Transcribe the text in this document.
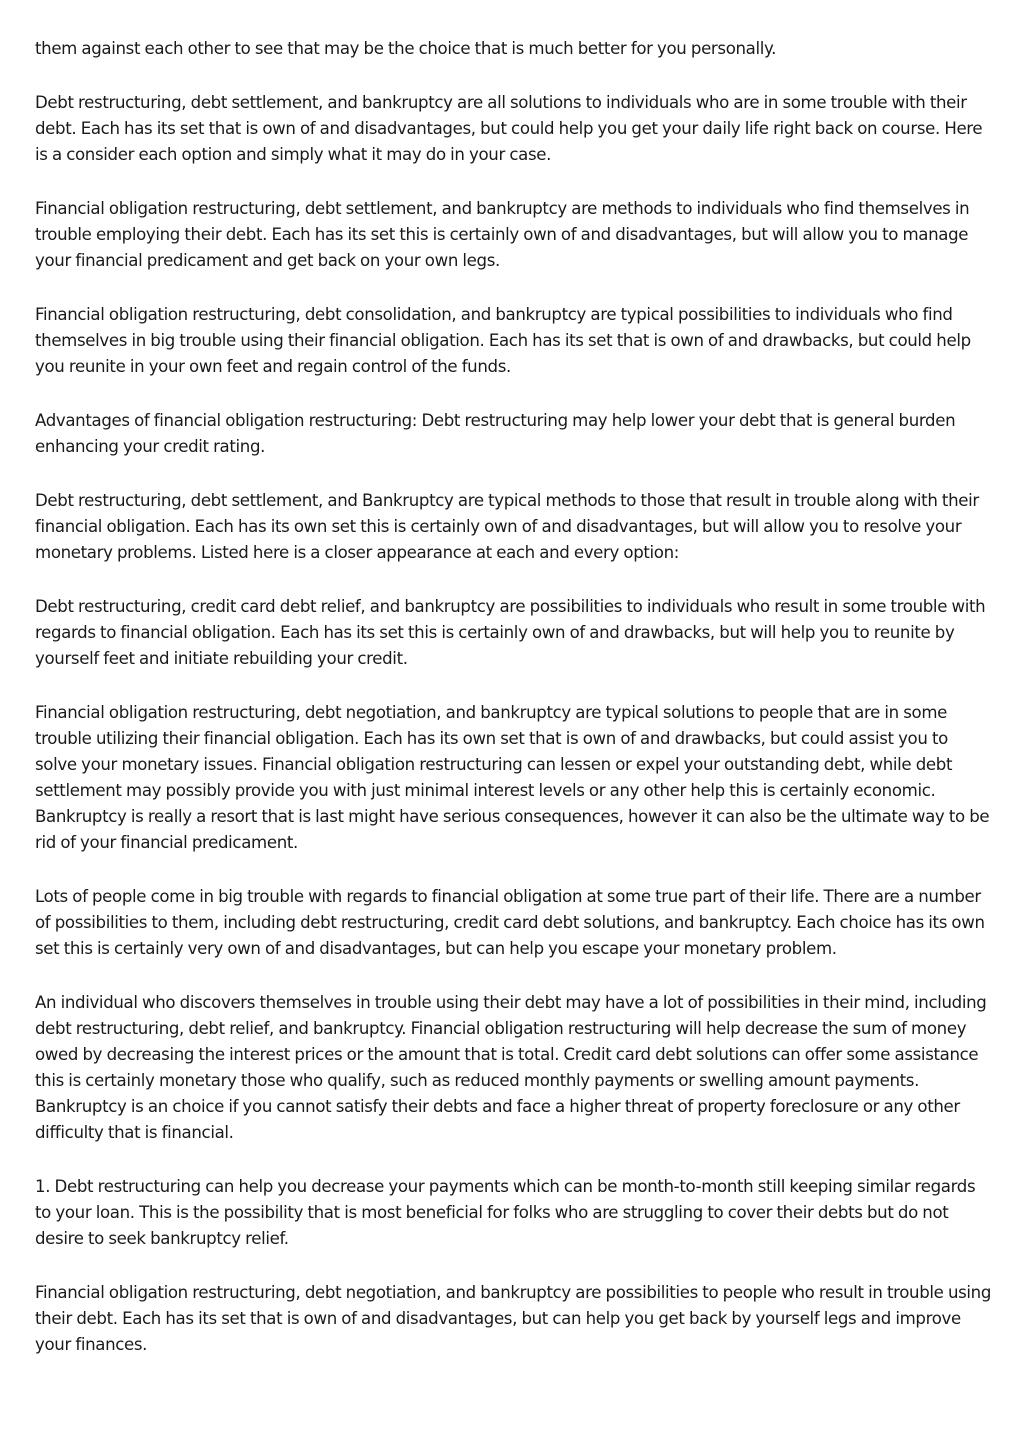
them against each other to see that may be the choice that is much better for you personally.

Debt restructuring, debt settlement, and bankruptcy are all solutions to individuals who are in some trouble with their debt. Each has its set that is own of and disadvantages, but could help you get your daily life right back on course. Here is a consider each option and simply what it may do in your case.

Financial obligation restructuring, debt settlement, and bankruptcy are methods to individuals who find themselves in trouble employing their debt. Each has its set this is certainly own of and disadvantages, but will allow you to manage your financial predicament and get back on your own legs.

Financial obligation restructuring, debt consolidation, and bankruptcy are typical possibilities to individuals who find themselves in big trouble using their financial obligation. Each has its set that is own of and drawbacks, but could help you reunite in your own feet and regain control of the funds.

Advantages of financial obligation restructuring: Debt restructuring may help lower your debt that is general burden enhancing your credit rating.

Debt restructuring, debt settlement, and Bankruptcy are typical methods to those that result in trouble along with their financial obligation. Each has its own set this is certainly own of and disadvantages, but will allow you to resolve your monetary problems. Listed here is a closer appearance at each and every option:

Debt restructuring, credit card debt relief, and bankruptcy are possibilities to individuals who result in some trouble with regards to financial obligation. Each has its set this is certainly own of and drawbacks, but will help you to reunite by yourself feet and initiate rebuilding your credit.

Financial obligation restructuring, debt negotiation, and bankruptcy are typical solutions to people that are in some trouble utilizing their financial obligation. Each has its own set that is own of and drawbacks, but could assist you to solve your monetary issues. Financial obligation restructuring can lessen or expel your outstanding debt, while debt settlement may possibly provide you with just minimal interest levels or any other help this is certainly economic. Bankruptcy is really a resort that is last might have serious consequences, however it can also be the ultimate way to be rid of your financial predicament.

Lots of people come in big trouble with regards to financial obligation at some true part of their life. There are a number of possibilities to them, including debt restructuring, credit card debt solutions, and bankruptcy. Each choice has its own set this is certainly very own of and disadvantages, but can help you escape your monetary problem.

An individual who discovers themselves in trouble using their debt may have a lot of possibilities in their mind, including debt restructuring, debt relief, and bankruptcy. Financial obligation restructuring will help decrease the sum of money owed by decreasing the interest prices or the amount that is total. Credit card debt solutions can offer some assistance this is certainly monetary those who qualify, such as reduced monthly payments or swelling amount payments. Bankruptcy is an choice if you cannot satisfy their debts and face a higher threat of property foreclosure or any other difficulty that is financial.

1. Debt restructuring can help you decrease your payments which can be month-to-month still keeping similar regards to your loan. This is the possibility that is most beneficial for folks who are struggling to cover their debts but do not desire to seek bankruptcy relief.

Financial obligation restructuring, debt negotiation, and bankruptcy are possibilities to people who result in trouble using their debt. Each has its set that is own of and disadvantages, but can help you get back by yourself legs and improve your finances.
